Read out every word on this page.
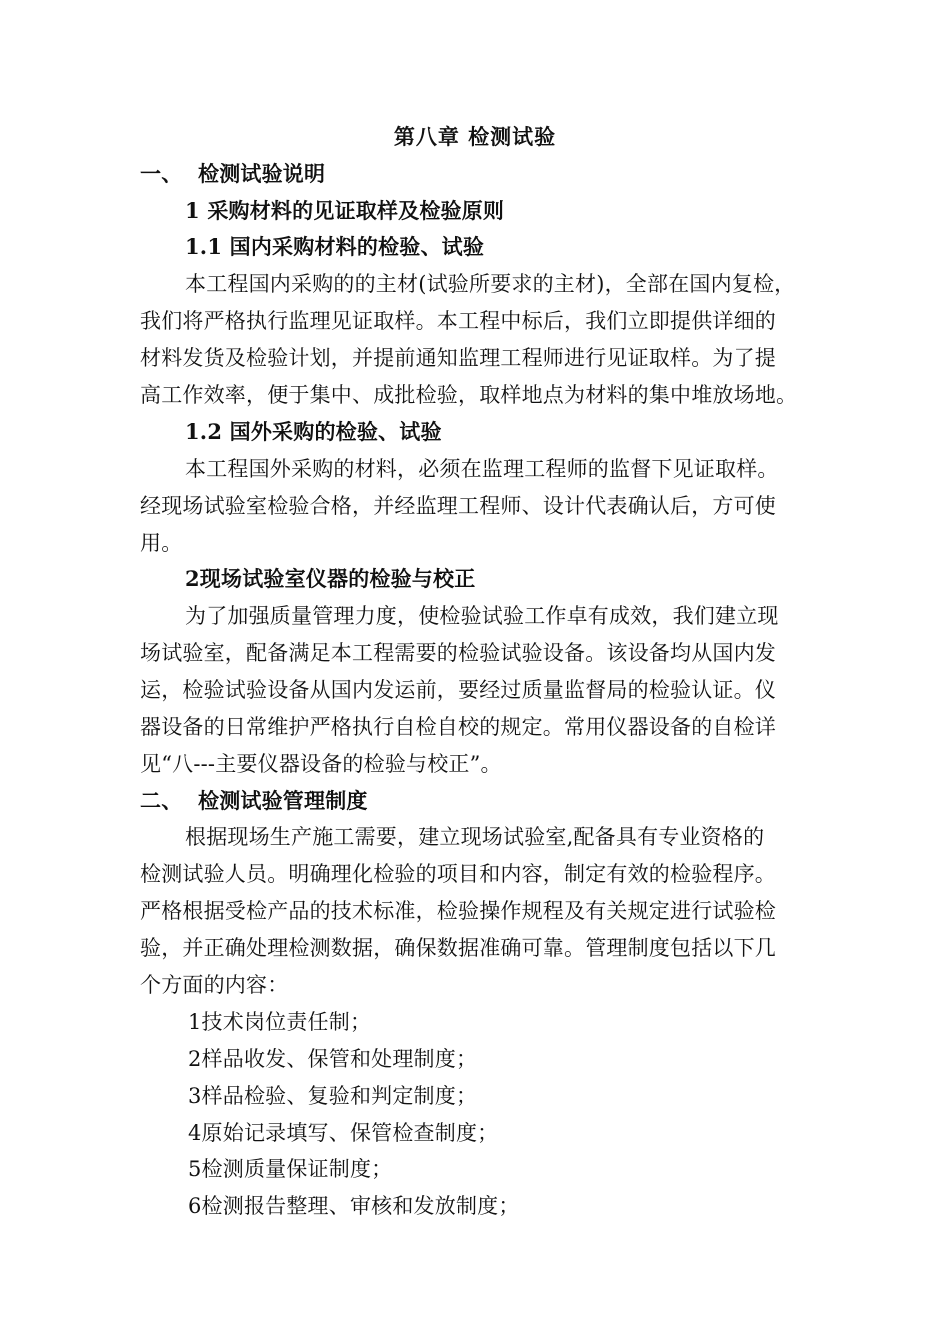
第八章 检测试验
一、 检测试验说明
1 采购材料的见证取样及检验原则
1.1 国内采购材料的检验、试验
本工程国内采购的的主材(试验所要求的主材)，全部在国内复检，
我们将严格执行监理见证取样。本工程中标后，我们立即提供详细的
材料发货及检验计划，并提前通知监理工程师进行见证取样。为了提
高工作效率，便于集中、成批检验，取样地点为材料的集中堆放场地。
1.2 国外采购的检验、试验
本工程国外采购的材料，必须在监理工程师的监督下见证取样。
经现场试验室检验合格，并经监理工程师、设计代表确认后，方可使
用。
2现场试验室仪器的检验与校正
为了加强质量管理力度，使检验试验工作卓有成效，我们建立现
场试验室，配备满足本工程需要的检验试验设备。该设备均从国内发
运，检验试验设备从国内发运前，要经过质量监督局的检验认证。仪
器设备的日常维护严格执行自检自校的规定。常用仪器设备的自检详
见“八---主要仪器设备的检验与校正”。
二、 检测试验管理制度
根据现场生产施工需要，建立现场试验室,配备具有专业资格的
检测试验人员。明确理化检验的项目和内容，制定有效的检验程序。
严格根据受检产品的技术标准，检验操作规程及有关规定进行试验检
验，并正确处理检测数据，确保数据准确可靠。管理制度包括以下几
个方面的内容：
1技术岗位责任制；
2样品收发、保管和处理制度；
3样品检验、复验和判定制度；
4原始记录填写、保管检查制度；
5检测质量保证制度；
6检测报告整理、审核和发放制度；
